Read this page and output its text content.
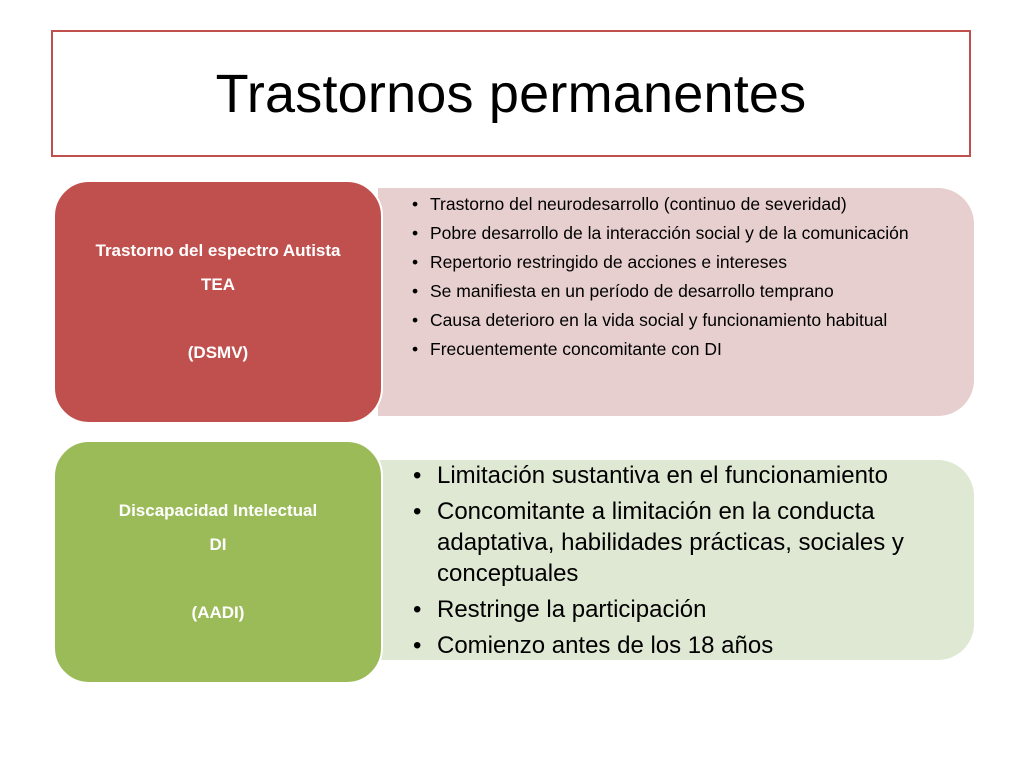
Trastornos permanentes
Trastorno del espectro Autista
TEA
(DSMV)
• Trastorno del neurodesarrollo (continuo de severidad)
• Pobre desarrollo de la interacción social y de la comunicación
• Repertorio restringido de acciones e intereses
• Se manifiesta en un período de desarrollo temprano
• Causa deterioro en la vida social y funcionamiento habitual
• Frecuentemente concomitante con DI
Discapacidad Intelectual
DI
(AADI)
• Limitación sustantiva en el funcionamiento
• Concomitante a limitación en la conducta adaptativa, habilidades prácticas, sociales y conceptuales
• Restringe la participación
• Comienzo antes de los 18 años
